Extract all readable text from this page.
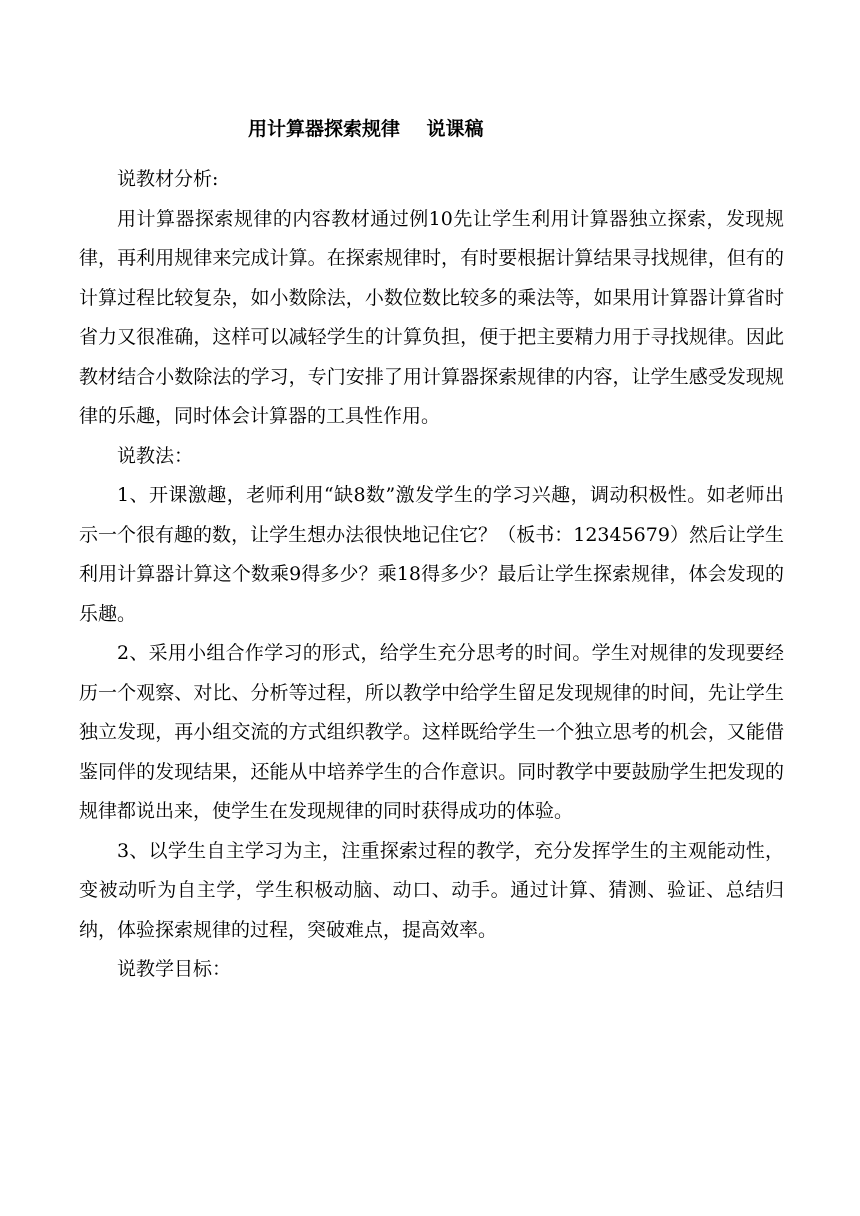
用计算器探索规律    说课稿

说教材分析:

用计算器探索规律的内容教材通过例10先让学生利用计算器独立探索，发现规律，再利用规律来完成计算。在探索规律时，有时要根据计算结果寻找规律，但有的计算过程比较复杂，如小数除法，小数位数比较多的乘法等，如果用计算器计算省时省力又很准确，这样可以减轻学生的计算负担，便于把主要精力用于寻找规律。因此教材结合小数除法的学习，专门安排了用计算器探索规律的内容，让学生感受发现规律的乐趣，同时体会计算器的工具性作用。

说教法：

1、开课激趣，老师利用“缺8数”激发学生的学习兴趣，调动积极性。如老师出示一个很有趣的数，让学生想办法很快地记住它？（板书：12345679）然后让学生利用计算器计算这个数乘9得多少？乘18得多少？最后让学生探索规律，体会发现的乐趣。

2、采用小组合作学习的形式，给学生充分思考的时间。学生对规律的发现要经历一个观察、对比、分析等过程，所以教学中给学生留足发现规律的时间，先让学生独立发现，再小组交流的方式组织教学。这样既给学生一个独立思考的机会，又能借鉴同伴的发现结果，还能从中培养学生的合作意识。同时教学中要鼓励学生把发现的规律都说出来，使学生在发现规律的同时获得成功的体验。

3、以学生自主学习为主，注重探索过程的教学，充分发挥学生的主观能动性，变被动听为自主学，学生积极动脑、动口、动手。通过计算、猜测、验证、总结归纳，体验探索规律的过程，突破难点，提高效率。

说教学目标：
